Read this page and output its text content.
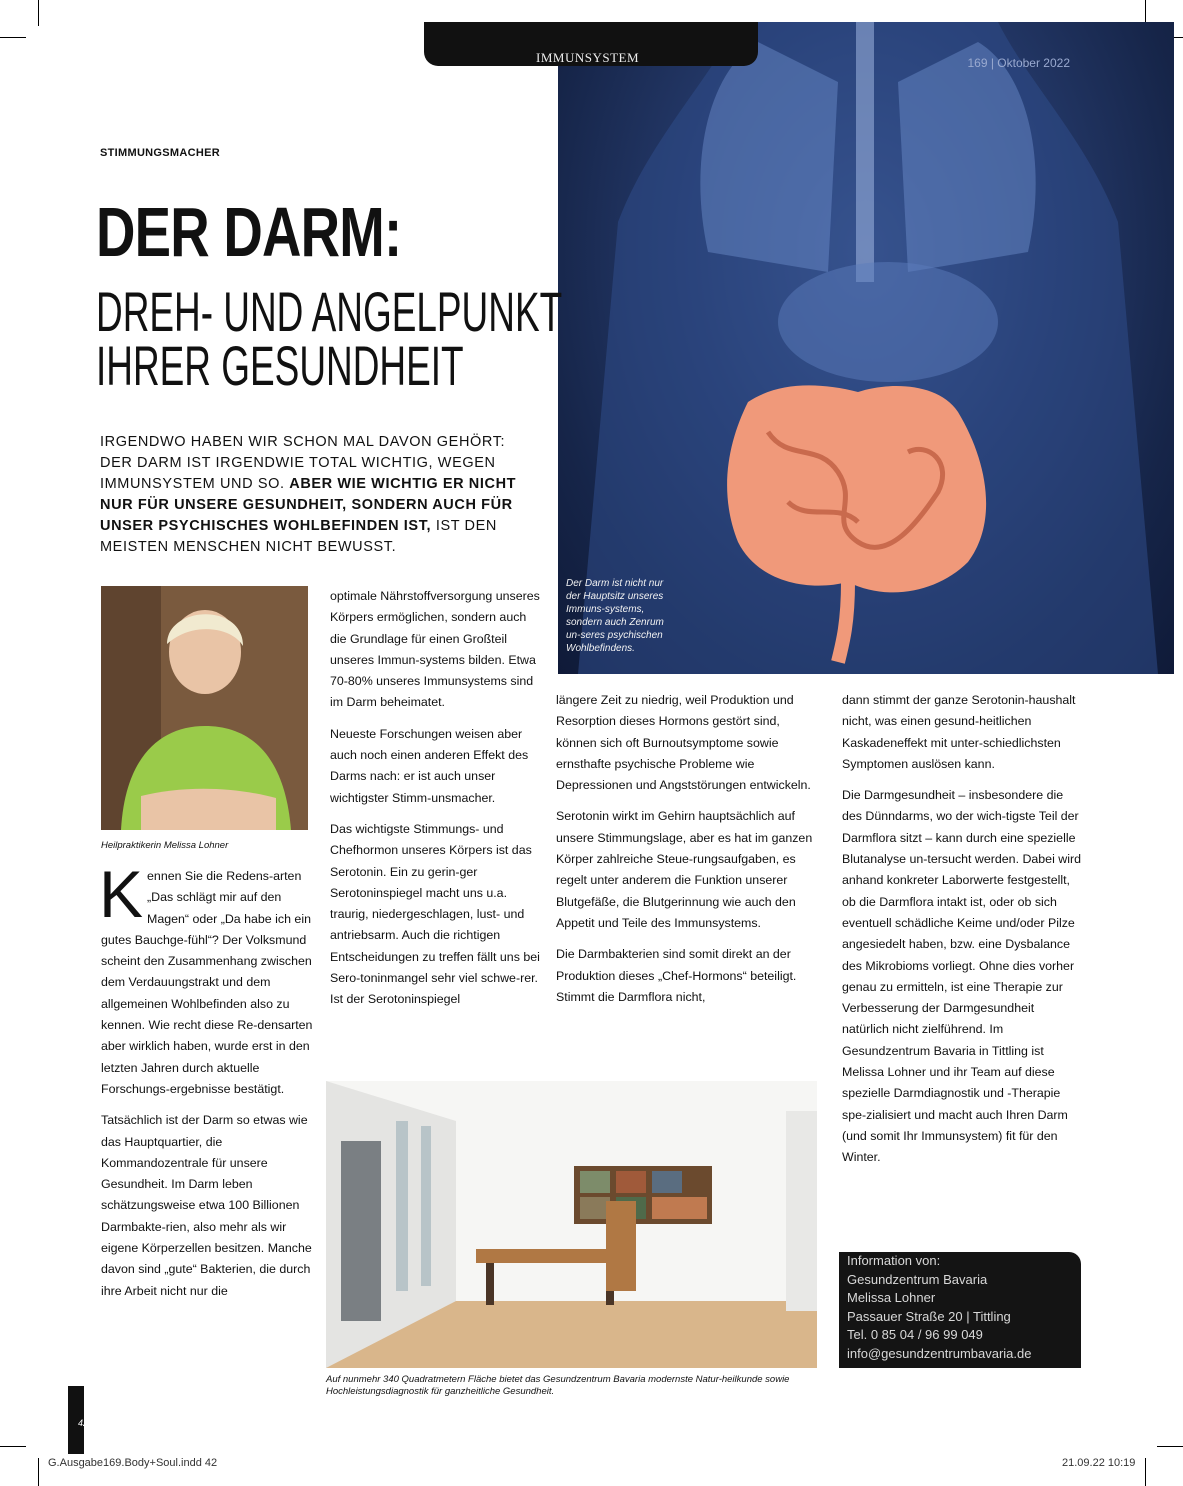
169 | Oktober 2022
Der Darm ist nicht nur der Hauptsitz unseres Immuns-systems, sondern auch Zenrum un-seres psychischen Wohlbefindens.
IMMUNSYSTEM
STIMMUNGSMACHER
DER DARM:
DREH- UND ANGELPUNKT
IHRER GESUNDHEIT
IRGENDWO HABEN WIR SCHON MAL DAVON GEHÖRT: DER DARM IST IRGENDWIE TOTAL WICHTIG, WEGEN IMMUNSYSTEM UND SO. ABER WIE WICHTIG ER NICHT NUR FÜR UNSERE GESUNDHEIT, SONDERN AUCH FÜR UNSER PSYCHISCHES WOHLBEFINDEN IST, IST DEN MEISTEN MENSCHEN NICHT BEWUSST.
Heilpraktikerin Melissa Lohner

Kennen Sie die Redens-arten „Das schlägt mir auf den Magen“ oder „Da habe ich ein gutes Bauchge-fühl“? Der Volksmund scheint den Zusammenhang zwischen dem Verdauungstrakt und dem allgemeinen Wohlbefinden also zu kennen. Wie recht diese Re-densarten aber wirklich haben, wurde erst in den letzten Jahren durch aktuelle Forschungs-ergebnisse bestätigt.

Tatsächlich ist der Darm so etwas wie das Hauptquartier, die Kommandozentrale für unsere Gesundheit. Im Darm leben schätzungsweise etwa 100 Billionen Darmbakte-rien, also mehr als wir eigene Körperzellen besitzen. Manche davon sind „gute“ Bakterien, die durch ihre Arbeit nicht nur die

optimale Nährstoffversorgung unseres Körpers ermöglichen, sondern auch die Grundlage für einen Großteil unseres Immun-systems bilden. Etwa 70-80% unseres Immunsystems sind im Darm beheimatet.

Neueste Forschungen weisen aber auch noch einen anderen Effekt des Darms nach: er ist auch unser wichtigster Stimm-unsmacher.

Das wichtigste Stimmungs- und Chefhormon unseres Körpers ist das Serotonin. Ein zu gerin-ger Serotoninspiegel macht uns u.a. traurig, niedergeschlagen, lust- und antriebsarm. Auch die richtigen Entscheidungen zu treffen fällt uns bei Sero-toninmangel sehr viel schwe-rer. Ist der Serotoninspiegel

längere Zeit zu niedrig, weil Produktion und Resorption dieses Hormons gestört sind, können sich oft Burnoutsymptome sowie ernsthafte psychische Probleme wie Depressionen und Angststörungen entwickeln.

Serotonin wirkt im Gehirn hauptsächlich auf unsere Stimmungslage, aber es hat im ganzen Körper zahlreiche Steue-rungsaufgaben, es regelt unter anderem die Funktion unserer Blutgefäße, die Blutgerinnung wie auch den Appetit und Teile des Immunsystems.

Die Darmbakterien sind somit direkt an der Produktion dieses „Chef-Hormons“ beteiligt. Stimmt die Darmflora nicht,

dann stimmt der ganze Serotonin-haushalt nicht, was einen gesund-heitlichen Kaskadeneffekt mit unter-schiedlichsten Symptomen auslösen kann.

Die Darmgesundheit – insbesondere die des Dünndarms, wo der wich-tigste Teil der Darmflora sitzt – kann durch eine spezielle Blutanalyse un-tersucht werden. Dabei wird anhand konkreter Laborwerte festgestellt, ob die Darmflora intakt ist, oder ob sich eventuell schädliche Keime und/oder Pilze angesiedelt haben, bzw. eine Dysbalance des Mikrobioms vorliegt. Ohne dies vorher genau zu ermitteln, ist eine Therapie zur Verbesserung der Darmgesundheit natürlich nicht zielführend. Im Gesundzentrum Bavaria in Tittling ist Melissa Lohner und ihr Team auf diese spezielle Darmdiagnostik und -Therapie spe-zialisiert und macht auch Ihren Darm (und somit Ihr Immunsystem) fit für den Winter.

Auf nunmehr 340 Quadratmetern Fläche bietet das Gesundzentrum Bavaria modernste Natur-heilkunde sowie Hochleistungsdiagnostik für ganzheitliche Gesundheit.
Information von:
Gesundzentrum Bavaria
Melissa Lohner
Passauer Straße 20 | Tittling
Tel. 0 85 04 / 96 99 049
info@gesundzentrumbavaria.de
42
G.Ausgabe169.Body+Soul.indd 42	21.09.22 10:19
